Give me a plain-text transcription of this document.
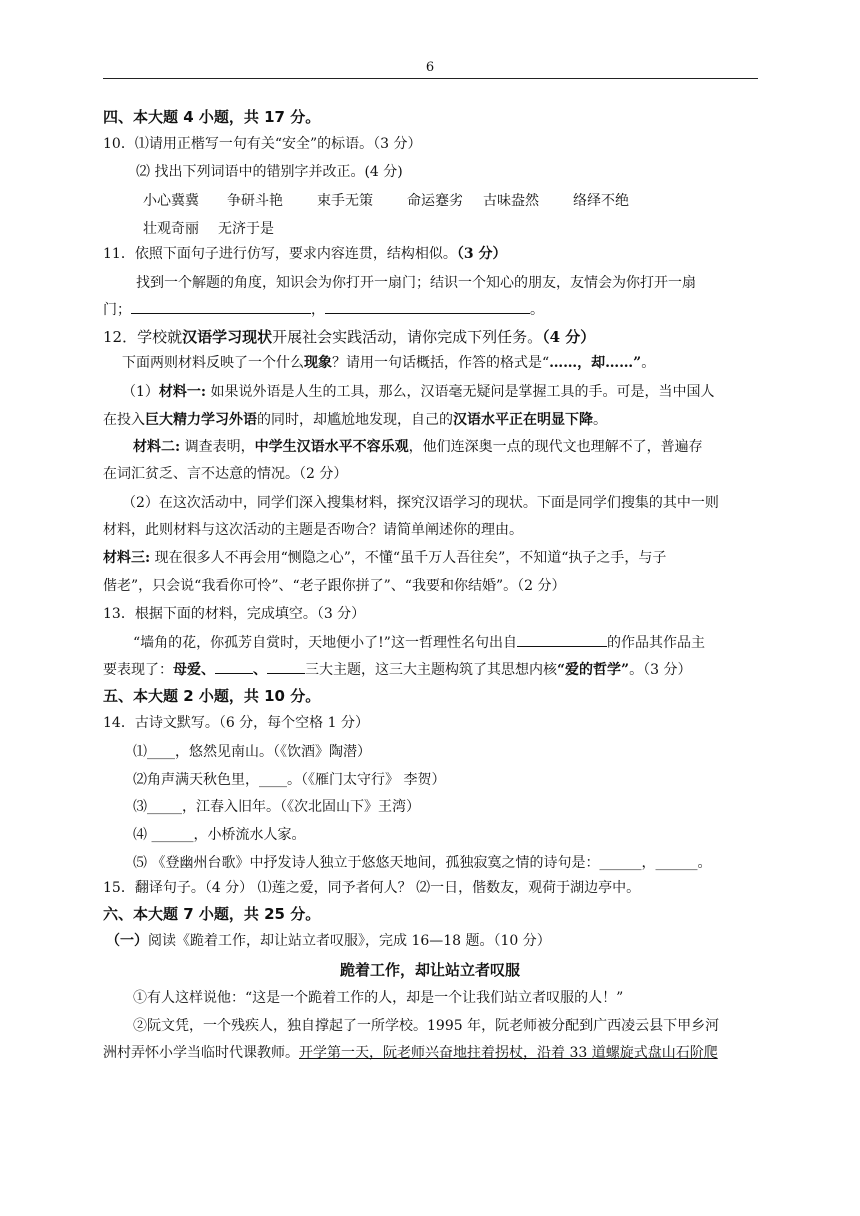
6
四、本大题 4 小题，共 17 分。
10．⑴请用正楷写一句有关“安全”的标语。（3 分）
⑵ 找出下列词语中的错别字并改正。(4 分)
小心冀冀 争研斗艳 束手无策 命运蹇劣 古味盎然 络绎不绝
壮观奇丽 无济于是
11．依照下面句子进行仿写，要求内容连贯，结构相似。（3 分）
找到一个解题的角度，知识会为你打开一扇门；结识一个知心的朋友，友情会为你打开一扇
门；	，	。
12．学校就汉语学习现状开展社会实践活动，请你完成下列任务。（4 分）
下面两则材料反映了一个什么现象？请用一句话概括，作答的格式是“……，却……”。
（1）材料一: 如果说外语是人生的工具，那么，汉语毫无疑问是掌握工具的手。可是，当中国人
在投入巨大精力学习外语的同时，却尴尬地发现，自己的汉语水平正在明显下降。
材料二: 调查表明，中学生汉语水平不容乐观，他们连深奥一点的现代文也理解不了，普遍存
在词汇贫乏、言不达意的情况。（2 分）
（2）在这次活动中，同学们深入搜集材料，探究汉语学习的现状。下面是同学们搜集的其中一则
材料，此则材料与这次活动的主题是否吻合？请简单阐述你的理由。
材料三: 现在很多人不再会用“恻隐之心”，不懂“虽千万人吾往矣”，不知道“执子之手，与子
偕老”，只会说“我看你可怜”、“老子跟你拼了”、“我要和你结婚”。（2 分）
13．根据下面的材料，完成填空。（3 分）
“墙角的花，你孤芳自赏时，天地便小了!”这一哲理性名句出自	的作品其作品主
要表现了：母爱、	、	三大主题，这三大主题构筑了其思想内核“爱的哲学”。（3 分）
五、本大题 2 小题，共 10 分。
14．古诗文默写。（6 分，每个空格 1 分）
⑴____，悠然见南山。（《饮酒》陶潜）
⑵角声满天秋色里，____。（《雁门太守行》 李贺）
⑶_____，江春入旧年。（《次北固山下》王湾）
⑷ ______，小桥流水人家。
⑸ 《登幽州台歌》中抒发诗人独立于悠悠天地间，孤独寂寞之情的诗句是：______，______。
15．翻译句子。（4 分） ⑴莲之爱，同予者何人？ ⑵一日，偕数友，观荷于湖边亭中。
六、本大题 7 小题，共 25 分。
（一）阅读《跪着工作，却让站立者叹服》，完成 16—18 题。（10 分）
跪着工作，却让站立者叹服
①有人这样说他：“这是一个跪着工作的人，却是一个让我们站立者叹服的人！”
②阮文凭，一个残疾人，独自撑起了一所学校。1995 年，阮老师被分配到广西凌云县下甲乡河
洲村弄怀小学当临时代课教师。开学第一天，阮老师兴奋地拄着拐杖，沿着 33 道螺旋式盘山石阶爬
